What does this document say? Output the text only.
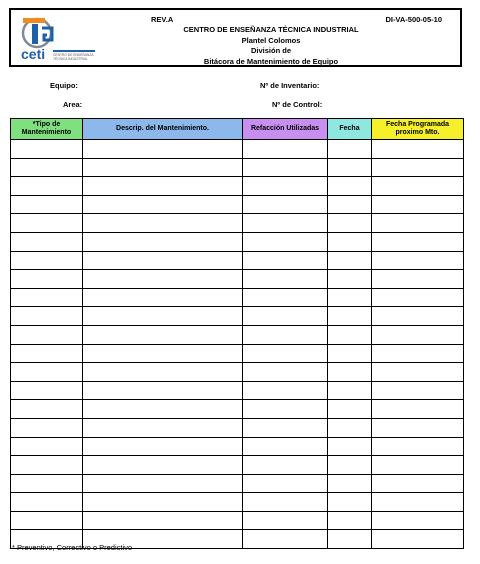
ceti CENTRO DE ENSEÑANZA
TÉCNICA INDUSTRIAL
REV.A	DI-VA-500-05-10
CENTRO DE ENSEÑANZA TÉCNICA INDUSTRIAL
Plantel Colomos
División de
Bitácora de Mantenimiento de Equipo
Equipo:
Area:
Nº de Inventario:
Nº de Control:
*Tipo de Mantenimiento	Descrip. del Mantenimiento.	Refacción Utilizadas	Fecha	Fecha Programada proximo Mto.

* Preventivo, Correctivo o Predictivo
